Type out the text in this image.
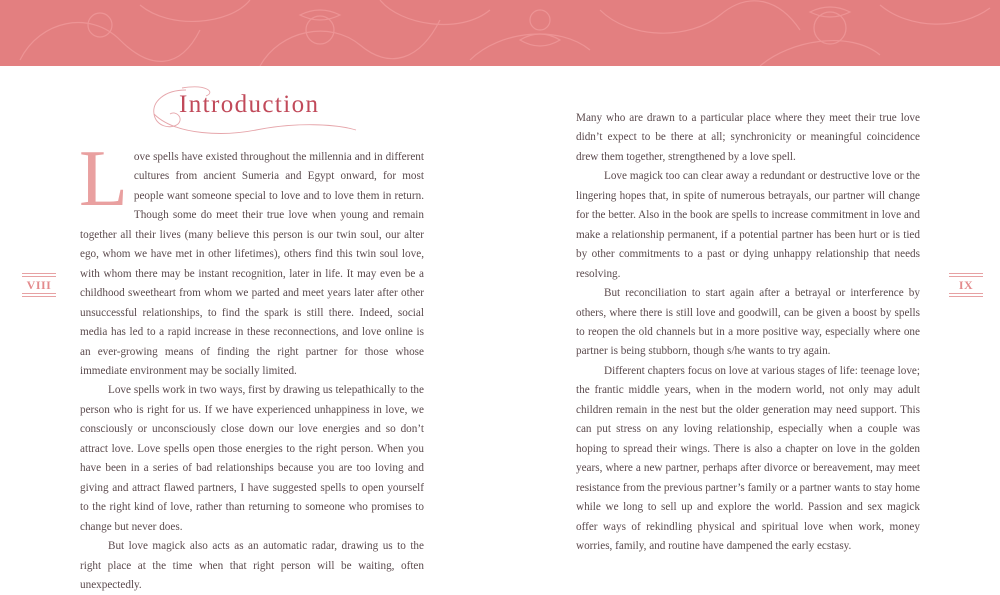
Introduction

Love spells have existed throughout the millennia and in different cultures from ancient Sumeria and Egypt onward, for most people want someone special to love and to love them in return. Though some do meet their true love when young and remain together all their lives (many believe this person is our twin soul, our alter ego, whom we have met in other lifetimes), others find this twin soul love, with whom there may be instant recognition, later in life. It may even be a childhood sweetheart from whom we parted and meet years later after other unsuccessful relationships, to find the spark is still there. Indeed, social media has led to a rapid increase in these reconnections, and love online is an ever-growing means of finding the right partner for those whose immediate environment may be socially limited.

Love spells work in two ways, first by drawing us telepathically to the person who is right for us. If we have experienced unhappiness in love, we consciously or unconsciously close down our love energies and so don’t attract love. Love spells open those energies to the right person. When you have been in a series of bad relationships because you are too loving and giving and attract flawed partners, I have suggested spells to open yourself to the right kind of love, rather than returning to someone who promises to change but never does.

But love magick also acts as an automatic radar, drawing us to the right place at the time when that right person will be waiting, often unexpectedly.

Many who are drawn to a particular place where they meet their true love didn’t expect to be there at all; synchronicity or meaningful coincidence drew them together, strengthened by a love spell.

Love magick too can clear away a redundant or destructive love or the lingering hopes that, in spite of numerous betrayals, our partner will change for the better. Also in the book are spells to increase commitment in love and make a relationship permanent, if a potential partner has been hurt or is tied by other commitments to a past or dying unhappy relationship that needs resolving.

But reconciliation to start again after a betrayal or interference by others, where there is still love and goodwill, can be given a boost by spells to reopen the old channels but in a more positive way, especially where one partner is being stubborn, though s/he wants to try again.

Different chapters focus on love at various stages of life: teenage love; the frantic middle years, when in the modern world, not only may adult children remain in the nest but the older generation may need support. This can put stress on any loving relationship, especially when a couple was hoping to spread their wings. There is also a chapter on love in the golden years, where a new partner, perhaps after divorce or bereavement, may meet resistance from the previous partner’s family or a partner wants to stay home while we long to sell up and explore the world. Passion and sex magick offer ways of rekindling physical and spiritual love when work, money worries, family, and routine have dampened the early ecstasy.

VIII	IX
